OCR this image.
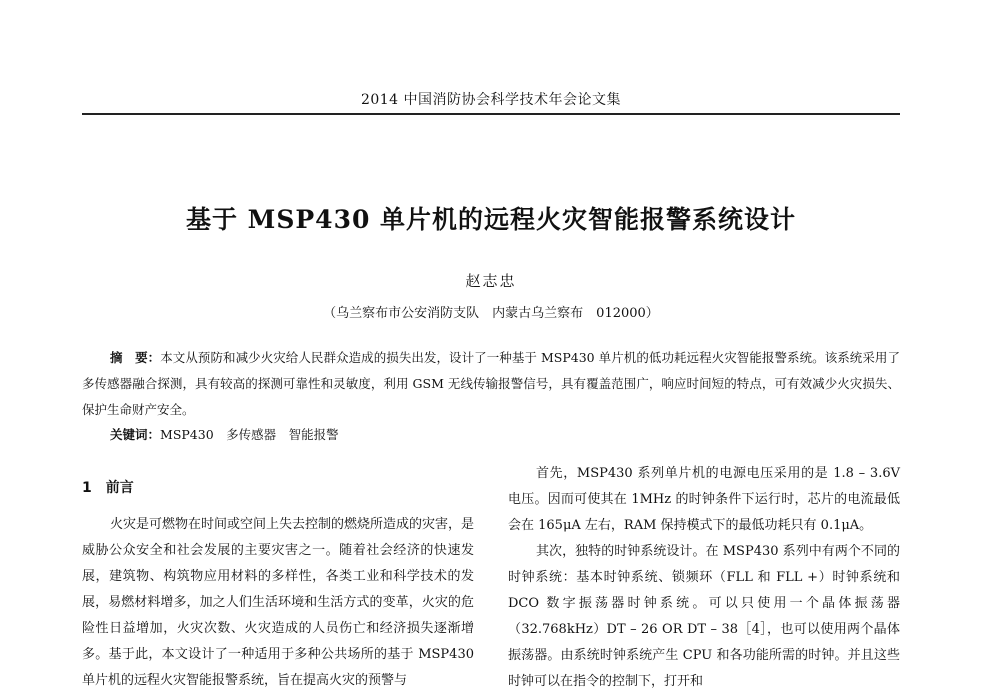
2014 中国消防协会科学技术年会论文集
基于 MSP430 单片机的远程火灾智能报警系统设计
赵志忠
（乌兰察布市公安消防支队　内蒙古乌兰察布　012000）

摘　要：本文从预防和减少火灾给人民群众造成的损失出发，设计了一种基于 MSP430 单片机的低功耗远程火灾智能报警系统。该系统采用了多传感器融合探测，具有较高的探测可靠性和灵敏度，利用 GSM 无线传输报警信号，具有覆盖范围广，响应时间短的特点，可有效减少火灾损失、保护生命财产安全。

关键词：MSP430　多传感器　智能报警
1　前言

火灾是可燃物在时间或空间上失去控制的燃烧所造成的灾害，是威胁公众安全和社会发展的主要灾害之一。随着社会经济的快速发展，建筑物、构筑物应用材料的多样性，各类工业和科学技术的发展，易燃材料增多，加之人们生活环境和生活方式的变革，火灾的危险性日益增加，火灾次数、火灾造成的人员伤亡和经济损失逐渐增多。基于此，本文设计了一种适用于多种公共场所的基于 MSP430 单片机的远程火灾智能报警系统，旨在提高火灾的预警与

首先，MSP430 系列单片机的电源电压采用的是 1.8 – 3.6V 电压。因而可使其在 1MHz 的时钟条件下运行时，芯片的电流最低会在 165μA 左右，RAM 保持模式下的最低功耗只有 0.1μA。

其次，独特的时钟系统设计。在 MSP430 系列中有两个不同的时钟系统：基本时钟系统、锁频环（FLL 和 FLL +）时钟系统和 DCO 数字振荡器时钟系统。可以只使用一个晶体振荡器（32.768kHz）DT – 26 OR DT – 38［4］，也可以使用两个晶体振荡器。由系统时钟系统产生 CPU 和各功能所需的时钟。并且这些时钟可以在指令的控制下，打开和
